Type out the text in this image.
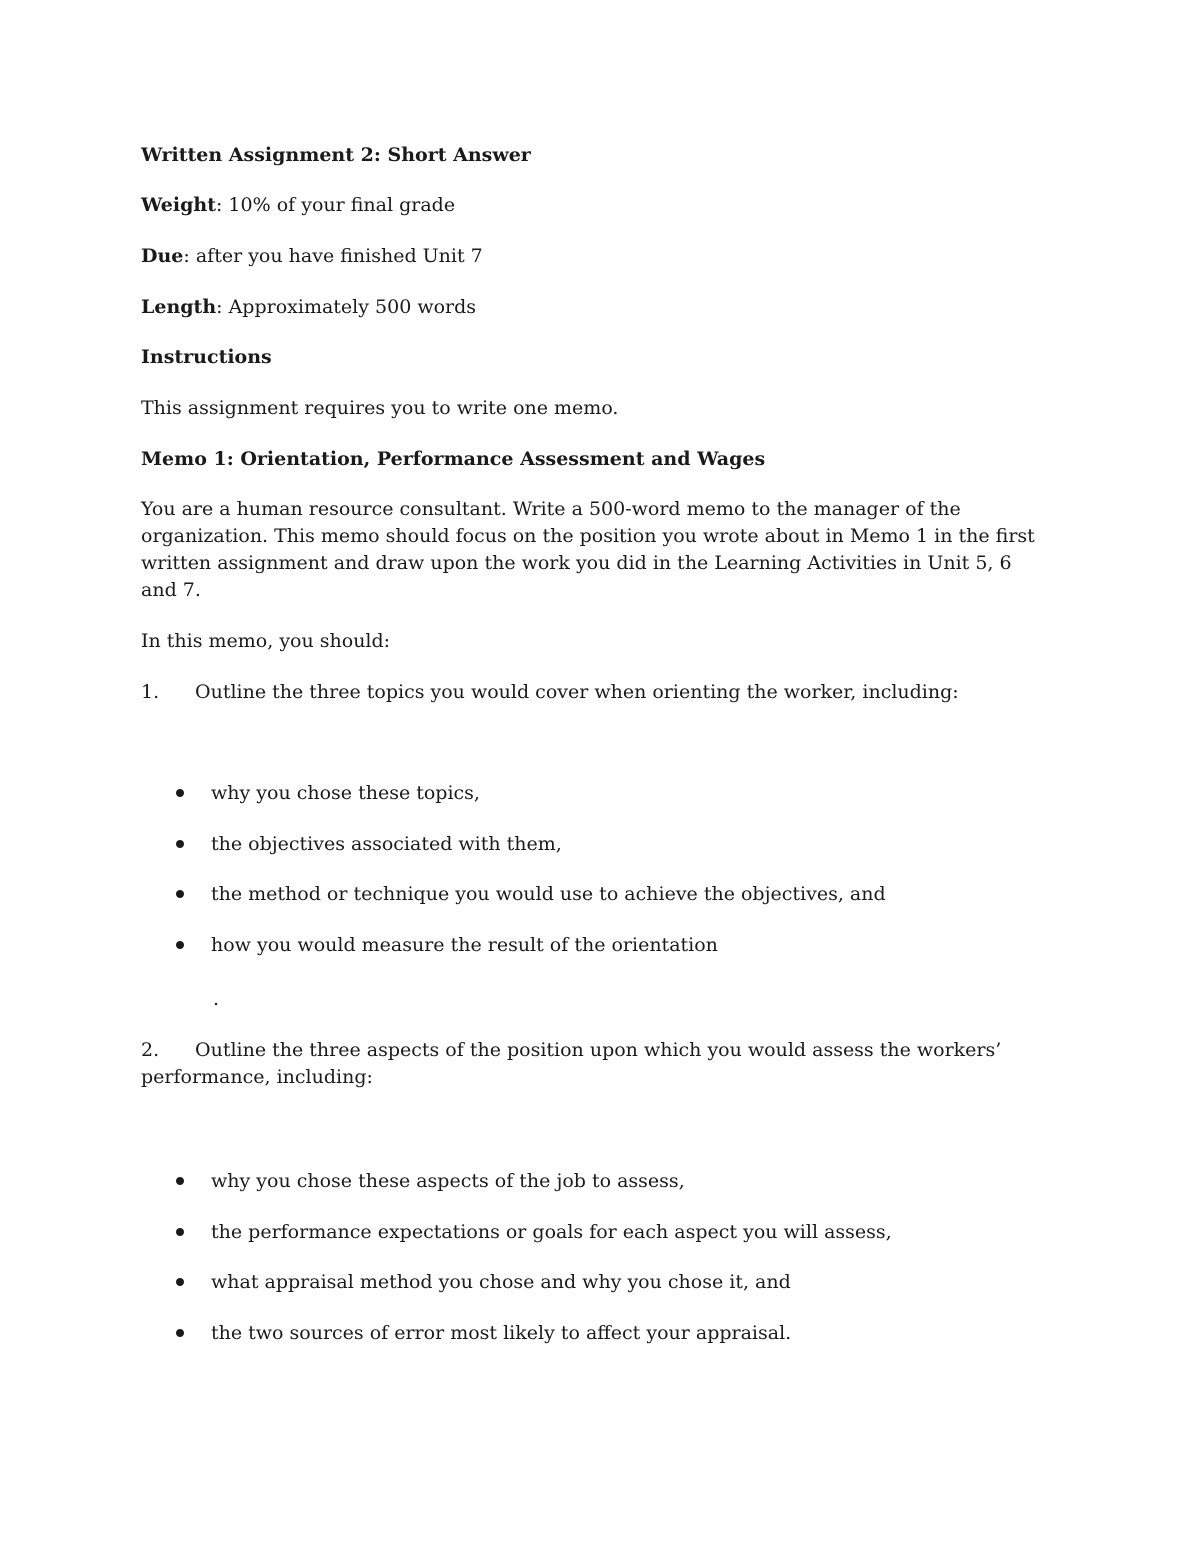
Written Assignment 2: Short Answer
Weight: 10% of your final grade
Due: after you have finished Unit 7
Length: Approximately 500 words
Instructions
This assignment requires you to write one memo.
Memo 1: Orientation, Performance Assessment and Wages
You are a human resource consultant. Write a 500-word memo to the manager of the organization. This memo should focus on the position you wrote about in Memo 1 in the first written assignment and draw upon the work you did in the Learning Activities in Unit 5, 6 and 7.
In this memo, you should:
1. Outline the three topics you would cover when orienting the worker, including:
why you chose these topics,
the objectives associated with them,
the method or technique you would use to achieve the objectives, and
how you would measure the result of the orientation
.
2. Outline the three aspects of the position upon which you would assess the workers’ performance, including:
why you chose these aspects of the job to assess,
the performance expectations or goals for each aspect you will assess,
what appraisal method you chose and why you chose it, and
the two sources of error most likely to affect your appraisal.
